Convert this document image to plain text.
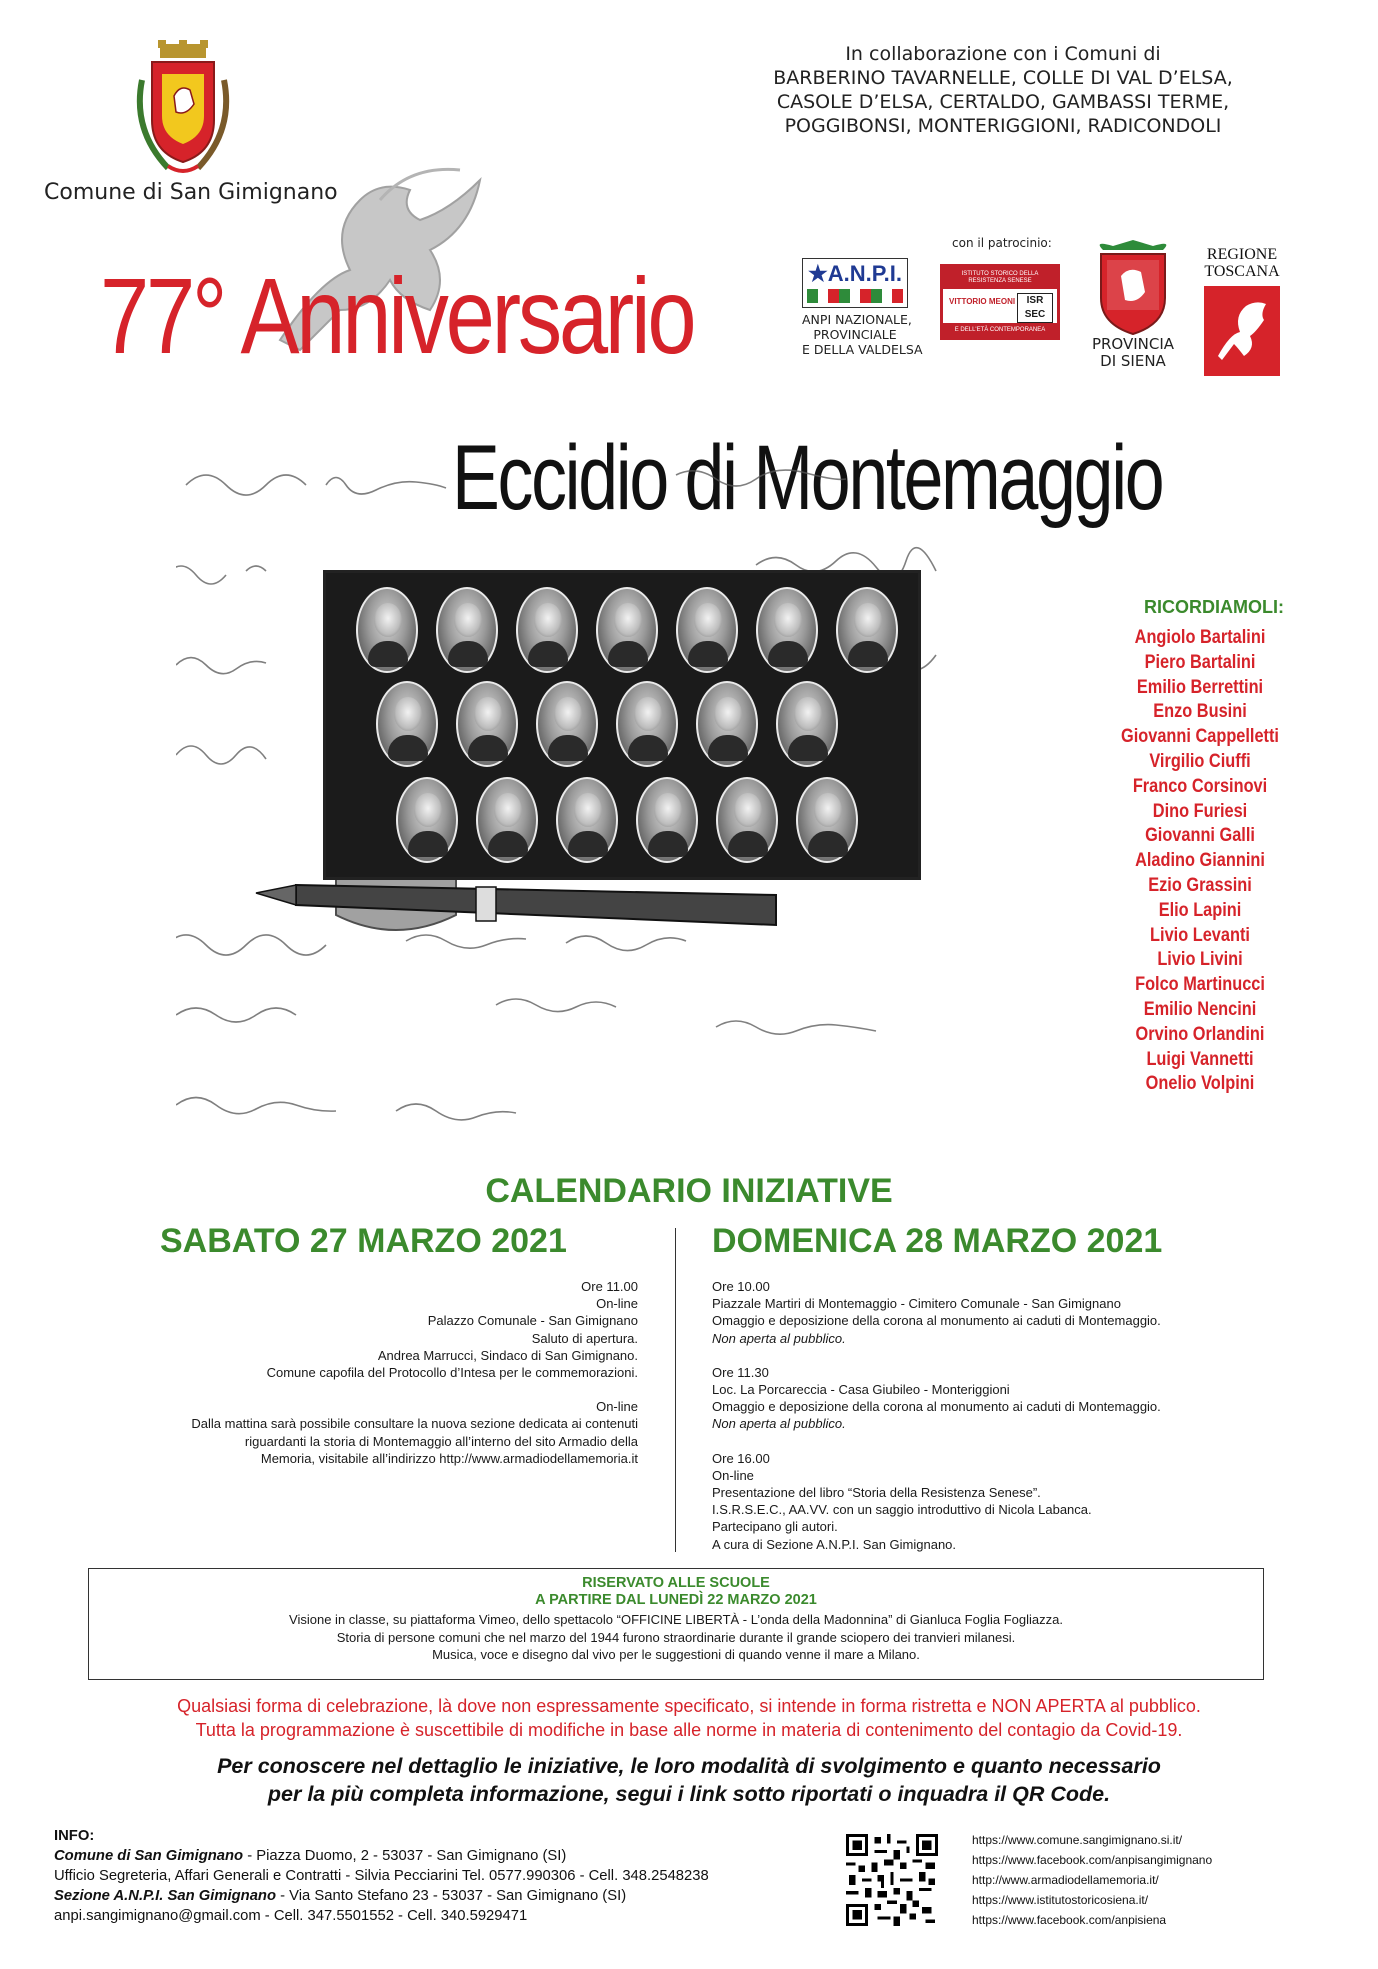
Comune di San Gimignano
In collaborazione con i Comuni di
BARBERINO TAVARNELLE, COLLE DI VAL D’ELSA,
CASOLE D’ELSA, CERTALDO, GAMBASSI TERME,
POGGIBONSI, MONTERIGGIONI, RADICONDOLI
77° Anniversario
Eccidio di Montemaggio
★A.N.P.I.
ANPI NAZIONALE,
PROVINCIALE
E DELLA VALDELSA
con il patrocinio:
ISTITUTO STORICO DELLA RESISTENZA SENESE
VITTORIO MEONI	ISR
SEC
E DELL'ETÀ CONTEMPORANEA
PROVINCIA
DI SIENA
REGIONE
TOSCANA
RICORDIAMOLI:
Angiolo Bartalini
Piero Bartalini
Emilio Berrettini
Enzo Busini
Giovanni Cappelletti
Virgilio Ciuffi
Franco Corsinovi
Dino Furiesi
Giovanni Galli
Aladino Giannini
Ezio Grassini
Elio Lapini
Livio Levanti
Livio Livini
Folco Martinucci
Emilio Nencini
Orvino Orlandini
Luigi Vannetti
Onelio Volpini
CALENDARIO INIZIATIVE
SABATO 27 MARZO 2021	DOMENICA 28 MARZO 2021

Ore 11.00

On-line

Palazzo Comunale - San Gimignano

Saluto di apertura.

Andrea Marrucci, Sindaco di San Gimignano.

Comune capofila del Protocollo d’Intesa per le commemorazioni.

On-line

Dalla mattina sarà possibile consultare la nuova sezione dedicata ai contenuti

riguardanti la storia di Montemaggio all’interno del sito Armadio della

Memoria, visitabile all’indirizzo http://www.armadiodellamemoria.it

Ore 10.00

Piazzale Martiri di Montemaggio - Cimitero Comunale - San Gimignano

Omaggio e deposizione della corona al monumento ai caduti di Montemaggio.

Non aperta al pubblico.

Ore 11.30

Loc. La Porcareccia - Casa Giubileo - Monteriggioni

Omaggio e deposizione della corona al monumento ai caduti di Montemaggio.

Non aperta al pubblico.

Ore 16.00

On-line

Presentazione del libro “Storia della Resistenza Senese”.

I.S.R.S.E.C., AA.VV. con un saggio introduttivo di Nicola Labanca.

Partecipano gli autori.

A cura di Sezione A.N.P.I. San Gimignano.

RISERVATO ALLE SCUOLE
A PARTIRE DAL LUNEDÌ 22 MARZO 2021
Visione in classe, su piattaforma Vimeo, dello spettacolo “OFFICINE LIBERTÀ - L’onda della Madonnina” di Gianluca Foglia Fogliazza.
Storia di persone comuni che nel marzo del 1944 furono straordinarie durante il grande sciopero dei tranvieri milanesi.
Musica, voce e disegno dal vivo per le suggestioni di quando venne il mare a Milano.
Qualsiasi forma di celebrazione, là dove non espressamente specificato, si intende in forma ristretta e NON APERTA al pubblico.
Tutta la programmazione è suscettibile di modifiche in base alle norme in materia di contenimento del contagio da Covid-19.
Per conoscere nel dettaglio le iniziative, le loro modalità di svolgimento e quanto necessario
per la più completa informazione, segui i link sotto riportati o inquadra il QR Code.
INFO:
Comune di San Gimignano - Piazza Duomo, 2 - 53037 - San Gimignano (SI)
Ufficio Segreteria, Affari Generali e Contratti - Silvia Pecciarini Tel. 0577.990306 - Cell. 348.2548238
Sezione A.N.P.I. San Gimignano - Via Santo Stefano 23 - 53037 - San Gimignano (SI)
anpi.sangimignano@gmail.com - Cell. 347.5501552 - Cell. 340.5929471
https://www.comune.sangimignano.si.it/
https://www.facebook.com/anpisangimignano
http://www.armadiodellamemoria.it/
https://www.istitutostoricosiena.it/
https://www.facebook.com/anpisiena
